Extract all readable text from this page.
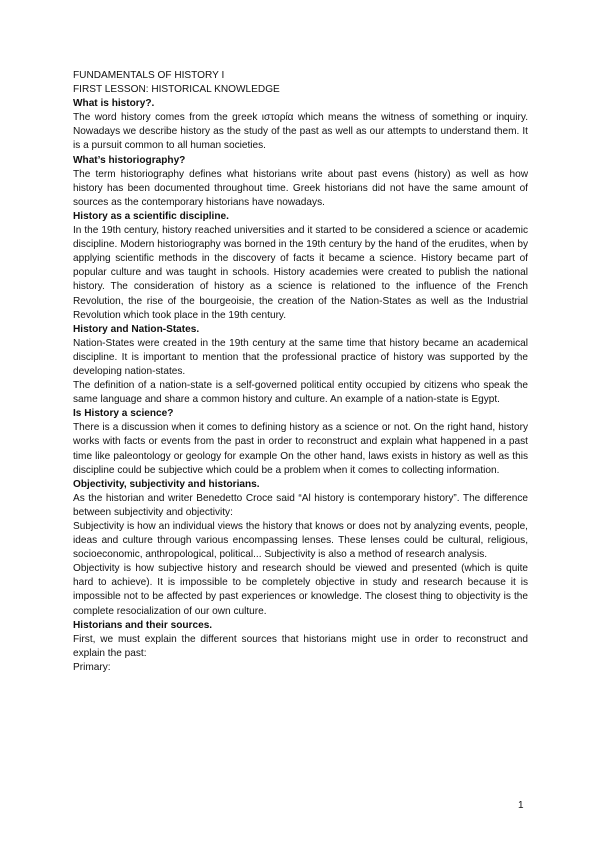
FUNDAMENTALS OF HISTORY I

FIRST LESSON: HISTORICAL KNOWLEDGE

What is history?.

The word history comes from the greek ιστορία which means the witness of something or inquiry. Nowadays we describe history as the study of the past as well as our attempts to understand them. It is a pursuit common to all human societies.

What’s historiography?

The term historiography defines what historians write about past evens (history) as well as how history has been documented throughout time. Greek historians did not have the same amount of sources as the contemporary historians have nowadays.

History as a scientific discipline.

In the 19th century, history reached universities and it started to be considered a science or academic discipline. Modern historiography was borned in the 19th century by the hand of the erudites, when by applying scientific methods in the discovery of facts it became a science. History became part of popular culture and was taught in schools. History academies were created to publish the national history. The consideration of history as a science is relationed to the influence of the French Revolution, the rise of the bourgeoisie, the creation of the Nation-States as well as the Industrial Revolution which took place in the 19th century.

History and Nation-States.

Nation-States were created in the 19th century at the same time that history became an academical discipline. It is important to mention that the professional practice of history was supported by the developing nation-states.

The definition of a nation-state is a self-governed political entity occupied by citizens who speak the same language and share a common history and culture. An example of a nation-state is Egypt.

Is History a science?

There is a discussion when it comes to defining history as a science or not. On the right hand, history works with facts or events from the past in order to reconstruct and explain what happened in a past time like paleontology or geology for example On the other hand, laws exists in history as well as this discipline could be subjective which could be a problem when it comes to collecting information.

Objectivity, subjectivity and historians.

As the historian and writer Benedetto Croce said “Al history is contemporary history”. The difference between subjectivity and objectivity:

Subjectivity is how an individual views the history that knows or does not by analyzing events, people, ideas and culture through various encompassing lenses. These lenses could be cultural, religious, socioeconomic, anthropological, political... Subjectivity is also a method of research analysis.

Objectivity is how subjective history and research should be viewed and presented (which is quite hard to achieve). It is impossible to be completely objective in study and research because it is impossible not to be affected by past experiences or knowledge. The closest thing to objectivity is the complete resocialization of our own culture.

Historians and their sources.

First, we must explain the different sources that historians might use in order to reconstruct and explain the past:

Primary:

1
